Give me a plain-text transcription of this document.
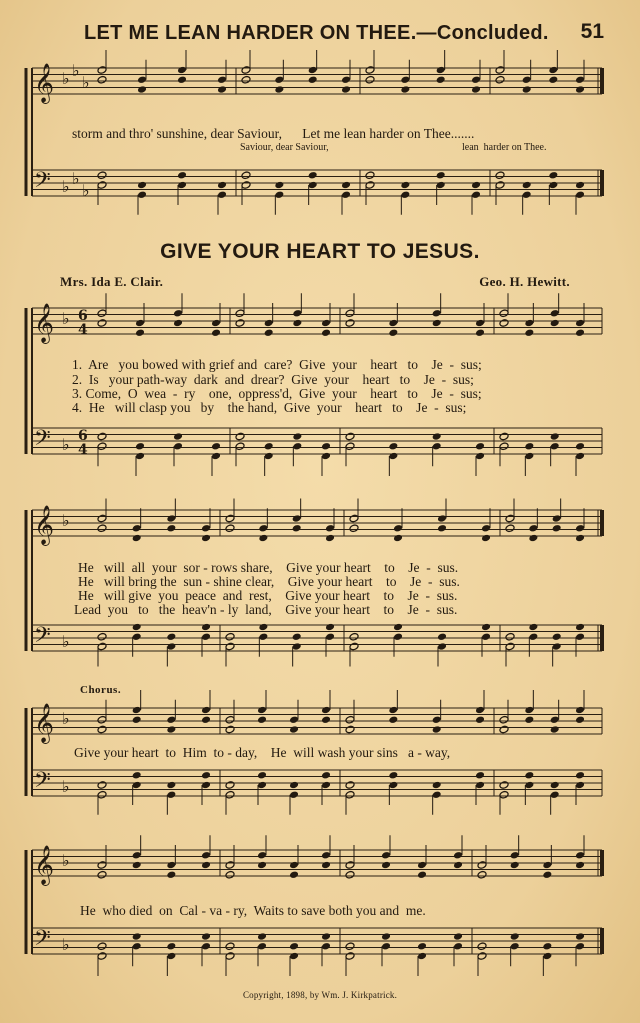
LET ME LEAN HARDER ON THEE.—Concluded. 51
𝄞 ♭ ♭
♭
𝄢 ♭ ♭
♭
𝄞 ♭ 6
4
𝄢 ♭ 6
4
𝄞 ♭
𝄢 ♭
𝄞 ♭
𝄢 ♭
𝄞 ♭
𝄢 ♭
storm and thro' sunshine, dear Saviour,      Let me lean harder on Thee.......
Saviour, dear Saviour,	lean  harder on Thee.
GIVE YOUR HEART TO JESUS.
Mrs. Ida E. Clair.	Geo. H. Hewitt.
1.  Are   you bowed with grief and  care?  Give  your    heart   to    Je  -  sus;
2.  Is   your path-way  dark  and  drear?  Give  your    heart   to    Je  -  sus;
3. Come,  O  wea  -  ry    one,  oppress'd,  Give  your    heart   to    Je  -  sus;
4.  He   will clasp you   by    the hand,  Give  your    heart   to    Je  -  sus;
He   will  all  your  sor - rows share,    Give your heart    to    Je  -  sus.
He   will bring the  sun - shine clear,    Give your heart    to    Je  -  sus.
He   will give  you  peace  and  rest,    Give your heart    to    Je  -  sus.
Lead  you   to   the  heav'n - ly  land,    Give your heart    to    Je  -  sus.
Chorus.
Give your heart  to  Him  to - day,    He  will wash your sins   a - way,
He  who died  on  Cal - va - ry,  Waits to save both you and  me.
Copyright, 1898, by Wm. J. Kirkpatrick.
